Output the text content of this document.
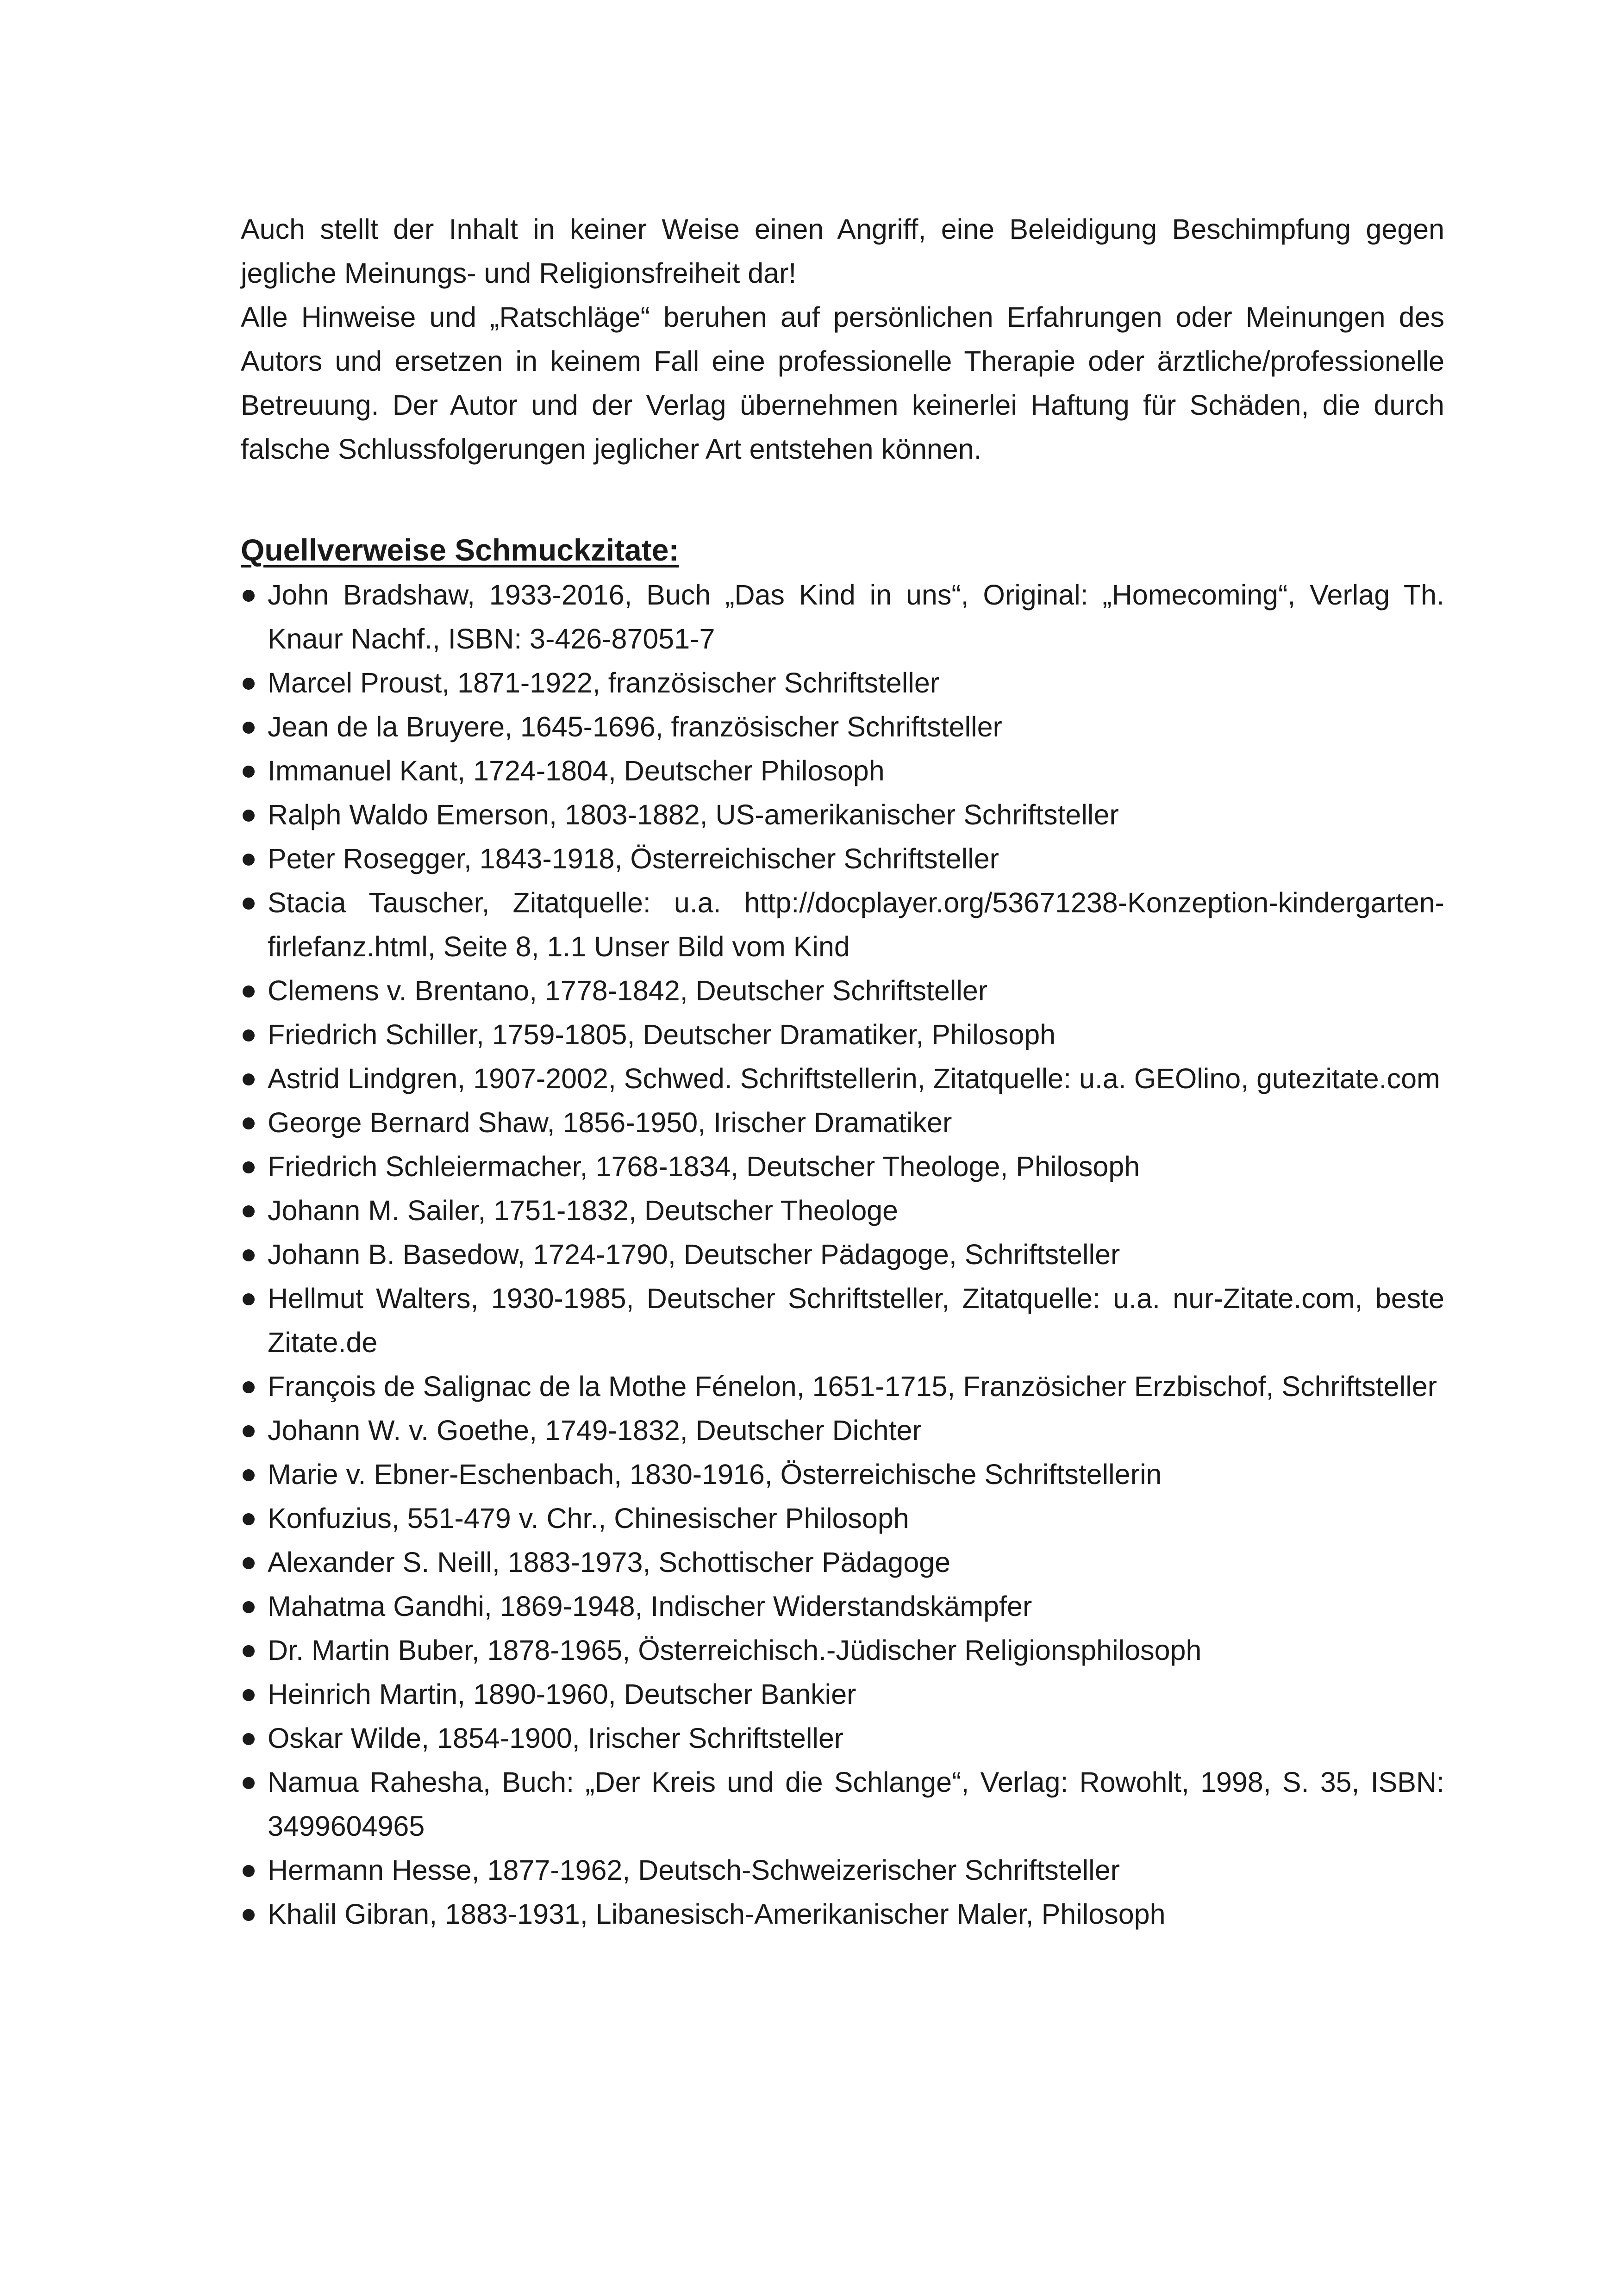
Auch stellt der Inhalt in keiner Weise einen Angriff, eine Beleidigung Beschimpfung gegen jegliche Meinungs- und Religionsfreiheit dar!

Alle Hinweise und „Ratschläge“ beruhen auf persönlichen Erfahrungen oder Meinungen des Autors und ersetzen in keinem Fall eine professionelle Therapie oder ärztliche/professionelle Betreuung. Der Autor und der Verlag übernehmen keinerlei Haftung für Schäden, die durch falsche Schlussfolgerungen jeglicher Art entstehen können.

Quellverweise Schmuckzitate:
John Bradshaw, 1933-2016, Buch „Das Kind in uns“, Original: „Homecoming“, Verlag Th. Knaur Nachf., ISBN: 3-426-87051-7
Marcel Proust, 1871-1922, französischer Schriftsteller
Jean de la Bruyere, 1645-1696, französischer Schriftsteller
Immanuel Kant, 1724-1804, Deutscher Philosoph
Ralph Waldo Emerson, 1803-1882, US-amerikanischer Schriftsteller
Peter Rosegger, 1843-1918, Österreichischer Schriftsteller
Stacia Tauscher, Zitatquelle: u.a. http://docplayer.org/53671238-Konzeption-kindergarten-firlefanz.html, Seite 8, 1.1 Unser Bild vom Kind
Clemens v. Brentano, 1778-1842, Deutscher Schriftsteller
Friedrich Schiller, 1759-1805, Deutscher Dramatiker, Philosoph
Astrid Lindgren, 1907-2002, Schwed. Schriftstellerin, Zitatquelle: u.a. GEOlino, gutezitate.com
George Bernard Shaw, 1856-1950, Irischer Dramatiker
Friedrich Schleiermacher, 1768-1834, Deutscher Theologe, Philosoph
Johann M. Sailer, 1751-1832, Deutscher Theologe
Johann B. Basedow, 1724-1790, Deutscher Pädagoge, Schriftsteller
Hellmut Walters, 1930-1985, Deutscher Schriftsteller, Zitatquelle: u.a. nur-Zitate.com, beste Zitate.de
François de Salignac de la Mothe Fénelon, 1651-1715, Französicher Erzbischof, Schriftsteller
Johann W. v. Goethe, 1749-1832, Deutscher Dichter
Marie v. Ebner-Eschenbach, 1830-1916, Österreichische Schriftstellerin
Konfuzius, 551-479 v. Chr., Chinesischer Philosoph
Alexander S. Neill, 1883-1973, Schottischer Pädagoge
Mahatma Gandhi, 1869-1948, Indischer Widerstandskämpfer
Dr. Martin Buber, 1878-1965, Österreichisch.-Jüdischer Religionsphilosoph
Heinrich Martin, 1890-1960, Deutscher Bankier
Oskar Wilde, 1854-1900, Irischer Schriftsteller
Namua Rahesha, Buch: „Der Kreis und die Schlange“, Verlag: Rowohlt, 1998, S. 35, ISBN: 3499604965
Hermann Hesse, 1877-1962, Deutsch-Schweizerischer Schriftsteller
Khalil Gibran, 1883-1931, Libanesisch-Amerikanischer Maler, Philosoph
